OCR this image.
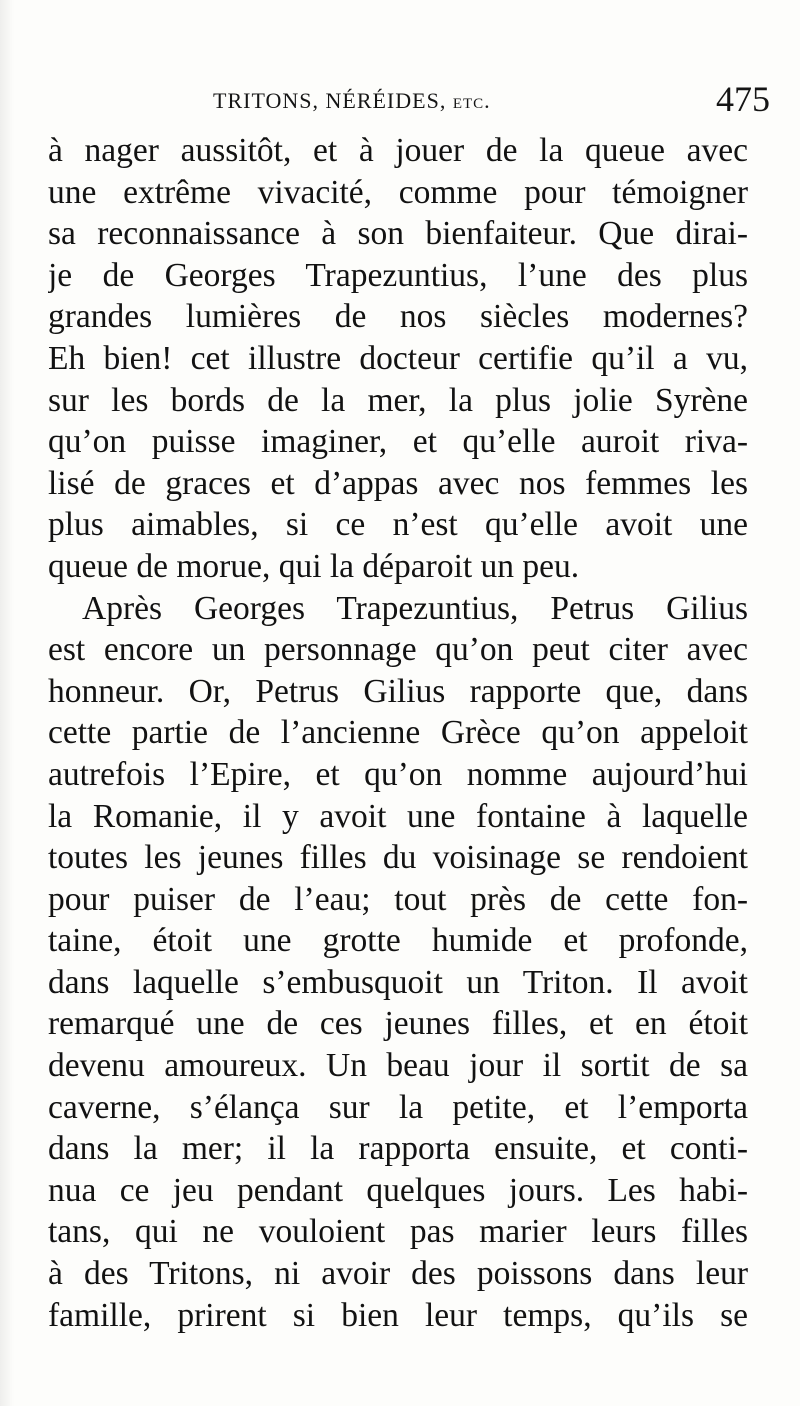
TRITONS, NÉRÉIDES, etc.	475
à nager aussitôt, et à jouer de la queue avec
une extrême vivacité, comme pour témoigner
sa reconnaissance à son bienfaiteur. Que dirai-
je de Georges Trapezuntius, l’une des plus
grandes lumières de nos siècles modernes?
Eh bien! cet illustre docteur certifie qu’il a vu,
sur les bords de la mer, la plus jolie Syrène
qu’on puisse imaginer, et qu’elle auroit riva-
lisé de graces et d’appas avec nos femmes les
plus aimables, si ce n’est qu’elle avoit une
queue de morue, qui la déparoit un peu.
Après Georges Trapezuntius, Petrus Gilius
est encore un personnage qu’on peut citer avec
honneur. Or, Petrus Gilius rapporte que, dans
cette partie de l’ancienne Grèce qu’on appeloit
autrefois l’Epire, et qu’on nomme aujourd’hui
la Romanie, il y avoit une fontaine à laquelle
toutes les jeunes filles du voisinage se rendoient
pour puiser de l’eau; tout près de cette fon-
taine, étoit une grotte humide et profonde,
dans laquelle s’embusquoit un Triton. Il avoit
remarqué une de ces jeunes filles, et en étoit
devenu amoureux. Un beau jour il sortit de sa
caverne, s’élança sur la petite, et l’emporta
dans la mer; il la rapporta ensuite, et conti-
nua ce jeu pendant quelques jours. Les habi-
tans, qui ne vouloient pas marier leurs filles
à des Tritons, ni avoir des poissons dans leur
famille, prirent si bien leur temps, qu’ils se
